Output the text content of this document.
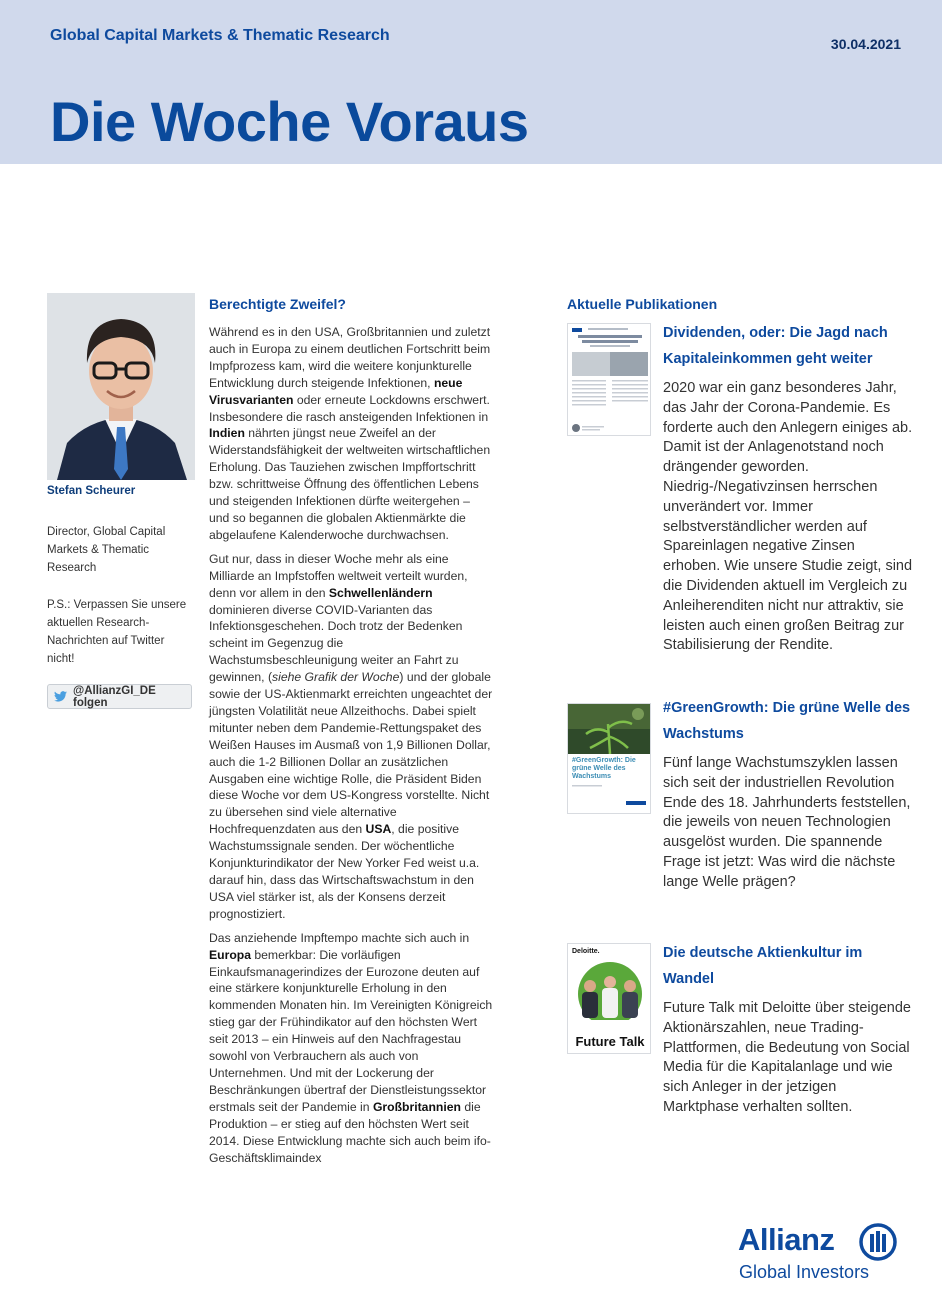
Global Capital Markets & Thematic Research	30.04.2021
Die Woche Voraus
Stefan Scheurer
Director, Global Capital Markets & Thematic Research
P.S.: Verpassen Sie unsere aktuellen Research-Nachrichten auf Twitter nicht!
@AllianzGI_DE folgen
Berechtigte Zweifel?

Während es in den USA, Großbritannien und zuletzt auch in Europa zu einem deutlichen Fortschritt beim Impfprozess kam, wird die weitere konjunkturelle Entwicklung durch steigende Infektionen, neue Virusvarianten oder erneute Lockdowns erschwert. Insbesondere die rasch ansteigenden Infektionen in Indien nährten jüngst neue Zweifel an der Widerstandsfähigkeit der weltweiten wirtschaftlichen Erholung. Das Tauziehen zwischen Impffortschritt bzw. schrittweise Öffnung des öffentlichen Lebens und steigenden Infektionen dürfte weitergehen – und so begannen die globalen Aktienmärkte die abgelaufene Kalenderwoche durchwachsen.

Gut nur, dass in dieser Woche mehr als eine Milliarde an Impfstoffen weltweit verteilt wurden, denn vor allem in den Schwellenländern dominieren diverse COVID-Varianten das Infektionsgeschehen. Doch trotz der Bedenken scheint im Gegenzug die Wachstumsbeschleunigung weiter an Fahrt zu gewinnen, (siehe Grafik der Woche) und der globale sowie der US-Aktienmarkt erreichten ungeachtet der jüngsten Volatilität neue Allzeithochs. Dabei spielt mitunter neben dem Pandemie-Rettungspaket des Weißen Hauses im Ausmaß von 1,9 Billionen Dollar, auch die 1-2 Billionen Dollar an zusätzlichen Ausgaben eine wichtige Rolle, die Präsident Biden diese Woche vor dem US-Kongress vorstellte. Nicht zu übersehen sind viele alternative Hochfrequenzdaten aus den USA, die positive Wachstumssignale senden. Der wöchentliche Konjunkturindikator der New Yorker Fed weist u.a. darauf hin, dass das Wirtschaftswachstum in den USA viel stärker ist, als der Konsens derzeit prognostiziert.

Das anziehende Impftempo machte sich auch in Europa bemerkbar: Die vorläufigen Einkaufsmanagerindizes der Eurozone deuten auf eine stärkere konjunkturelle Erholung in den kommenden Monaten hin. Im Vereinigten Königreich stieg gar der Frühindikator auf den höchsten Wert seit 2013 – ein Hinweis auf den Nachfragestau sowohl von Verbrauchern als auch von Unternehmen. Und mit der Lockerung der Beschränkungen übertraf der Dienstleistungssektor erstmals seit der Pandemie in Großbritannien die Produktion – er stieg auf den höchsten Wert seit 2014. Diese Entwicklung machte sich auch beim ifo-Geschäftsklimaindex

Aktuelle Publikationen
Dividenden, oder: Die Jagd nach Kapitaleinkommen geht weiter
2020 war ein ganz besonderes Jahr, das Jahr der Corona-Pandemie. Es forderte auch den Anlegern einiges ab. Damit ist der Anlagenotstand noch drängender geworden. Niedrig-/Negativzinsen herrschen unverändert vor. Immer selbstverständlicher werden auf Spareinlagen negative Zinsen erhoben. Wie unsere Studie zeigt, sind die Dividenden aktuell im Vergleich zu Anleiherenditen nicht nur attraktiv, sie leisten auch einen großen Beitrag zur Stabilisierung der Rendite.
#GreenGrowth: Die grüne Welle des Wachstums
#GreenGrowth: Die grüne Welle des Wachstums
Fünf lange Wachstumszyklen lassen sich seit der industriellen Revolution Ende des 18. Jahrhunderts feststellen, die jeweils von neuen Technologien ausgelöst wurden. Die spannende Frage ist jetzt: Was wird die nächste lange Welle prägen?
Deloitte.
Future Talk
Die deutsche Aktienkultur im Wandel
Future Talk mit Deloitte über steigende Aktionärszahlen, neue Trading-Plattformen, die Bedeutung von Social Media für die Kapitalanlage und wie sich Anleger in der jetzigen Marktphase verhalten sollten.
Allianz
Global Investors
